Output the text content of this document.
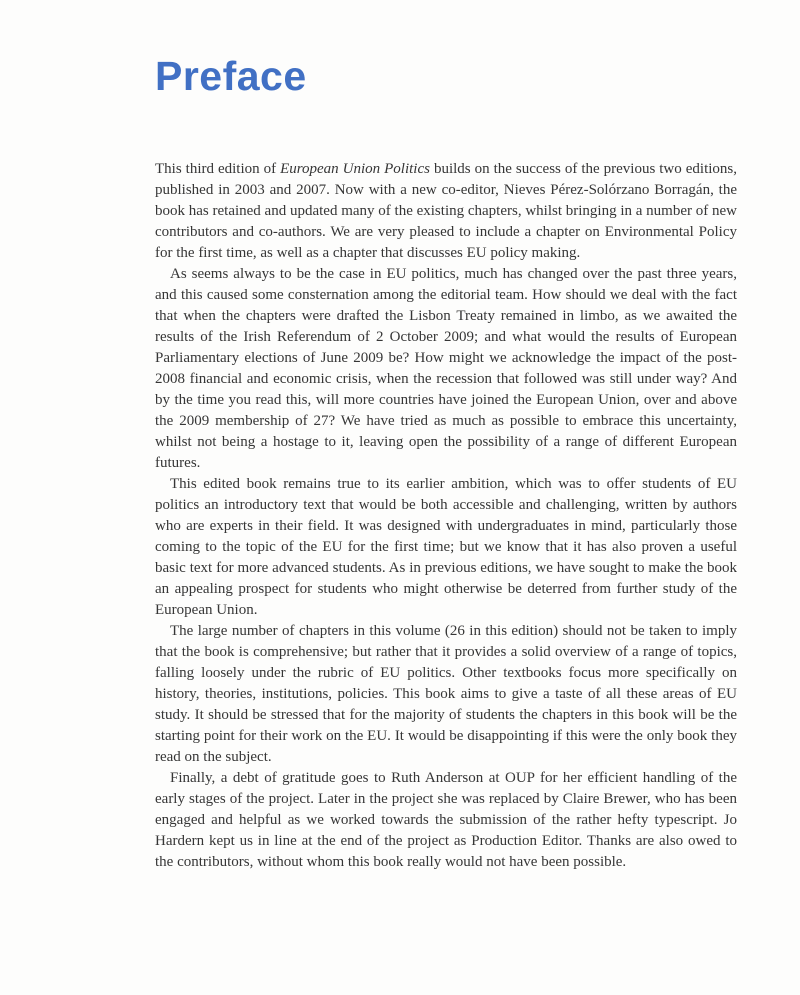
Preface

This third edition of European Union Politics builds on the success of the previous two editions, published in 2003 and 2007. Now with a new co-editor, Nieves Pérez-Solórzano Borragán, the book has retained and updated many of the existing chapters, whilst bringing in a number of new contributors and co-authors. We are very pleased to include a chapter on Environmental Policy for the first time, as well as a chapter that discusses EU policy making.

As seems always to be the case in EU politics, much has changed over the past three years, and this caused some consternation among the editorial team. How should we deal with the fact that when the chapters were drafted the Lisbon Treaty remained in limbo, as we awaited the results of the Irish Referendum of 2 October 2009; and what would the results of European Parliamentary elections of June 2009 be? How might we acknowledge the impact of the post-2008 financial and economic crisis, when the recession that followed was still under way? And by the time you read this, will more countries have joined the European Union, over and above the 2009 membership of 27? We have tried as much as possible to embrace this uncertainty, whilst not being a hostage to it, leaving open the possibility of a range of different European futures.

This edited book remains true to its earlier ambition, which was to offer students of EU politics an introductory text that would be both accessible and challenging, written by authors who are experts in their field. It was designed with undergraduates in mind, particularly those coming to the topic of the EU for the first time; but we know that it has also proven a useful basic text for more advanced students. As in previous editions, we have sought to make the book an appealing prospect for students who might otherwise be deterred from further study of the European Union.

The large number of chapters in this volume (26 in this edition) should not be taken to imply that the book is comprehensive; but rather that it provides a solid overview of a range of topics, falling loosely under the rubric of EU politics. Other textbooks focus more specifically on history, theories, institutions, policies. This book aims to give a taste of all these areas of EU study. It should be stressed that for the majority of students the chapters in this book will be the starting point for their work on the EU. It would be disappointing if this were the only book they read on the subject.

Finally, a debt of gratitude goes to Ruth Anderson at OUP for her efficient handling of the early stages of the project. Later in the project she was replaced by Claire Brewer, who has been engaged and helpful as we worked towards the submission of the rather hefty typescript. Jo Hardern kept us in line at the end of the project as Production Editor. Thanks are also owed to the contributors, without whom this book really would not have been possible.
